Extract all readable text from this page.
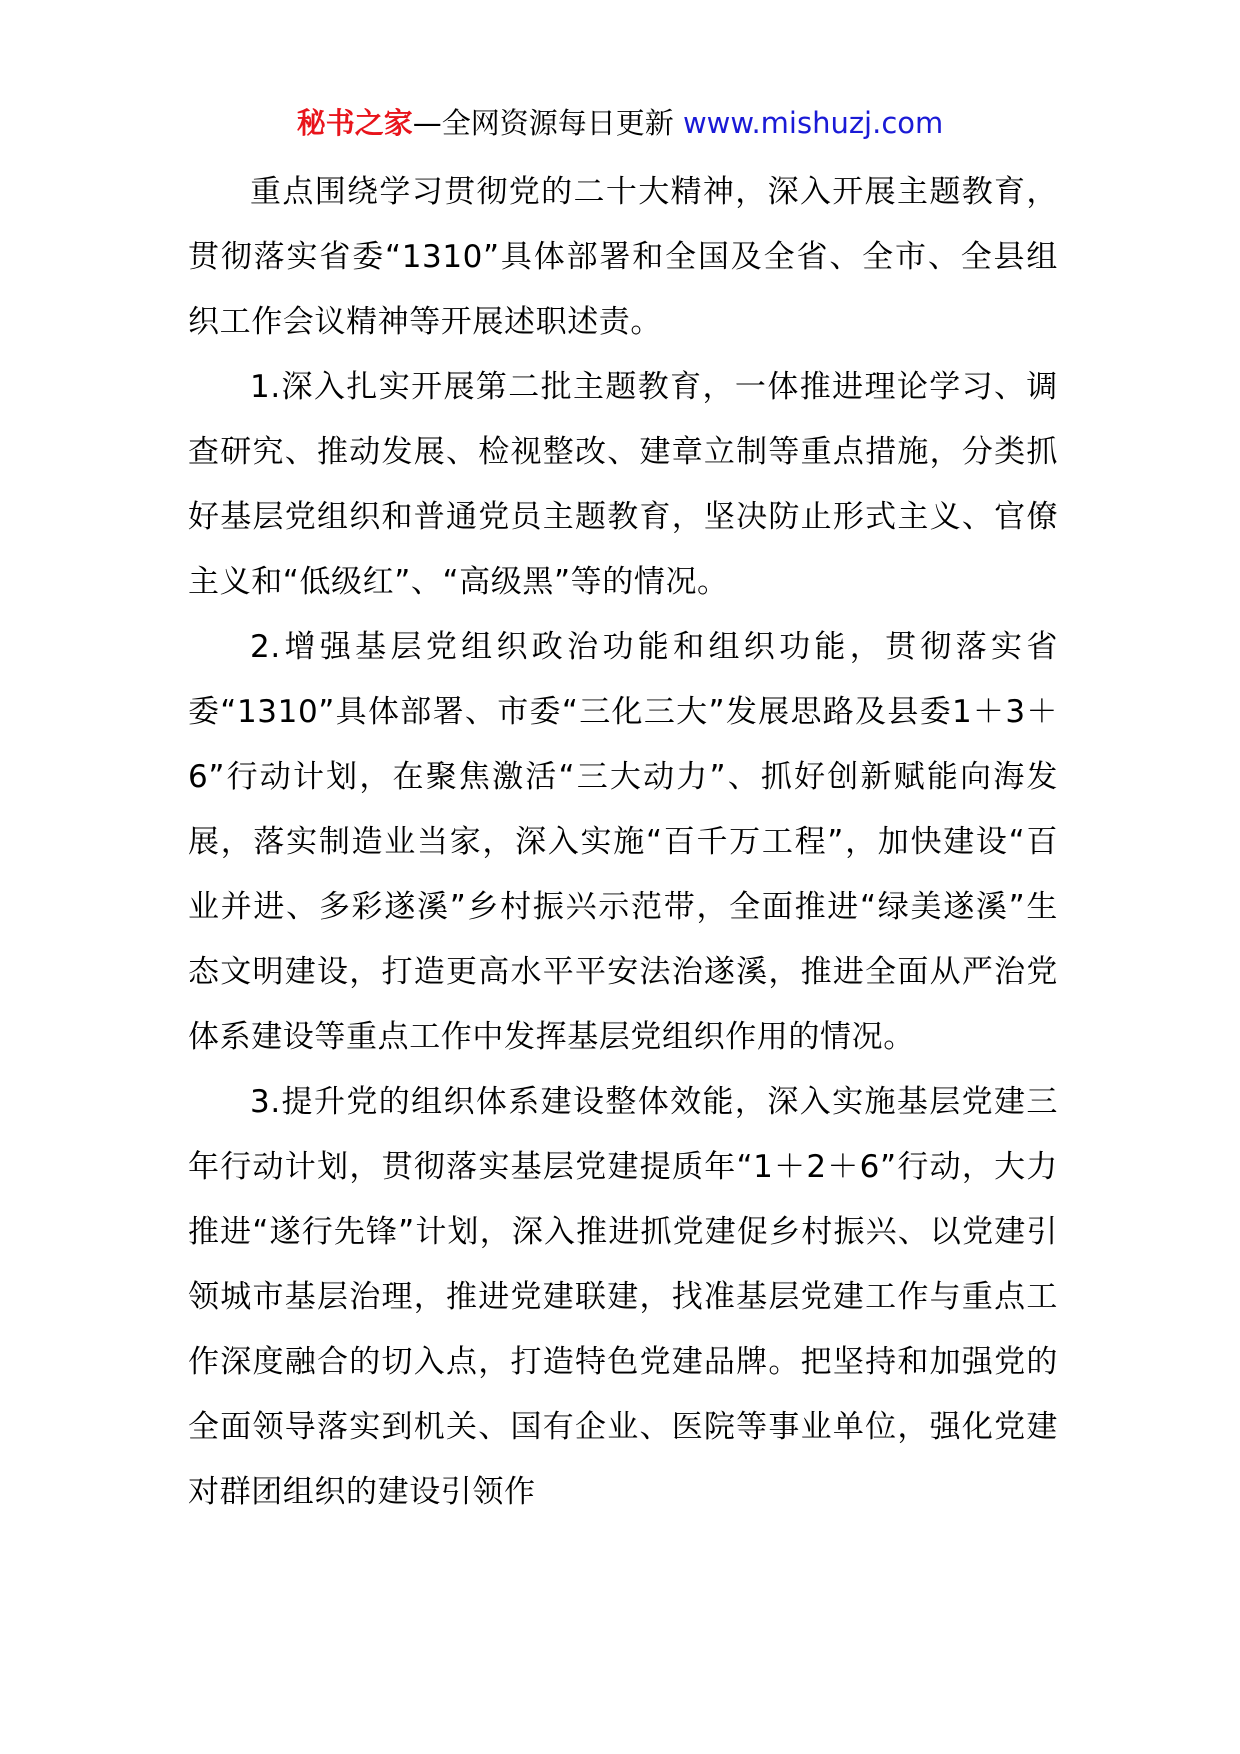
秘书之家—全网资源每日更新 www.mishuzj.com

重点围绕学习贯彻党的二十大精神，深入开展主题教育，贯彻落实省委“1310”具体部署和全国及全省、全市、全县组织工作会议精神等开展述职述责。

1.深入扎实开展第二批主题教育，一体推进理论学习、调查研究、推动发展、检视整改、建章立制等重点措施，分类抓好基层党组织和普通党员主题教育，坚决防止形式主义、官僚主义和“低级红”、“高级黑”等的情况。

2.增强基层党组织政治功能和组织功能，贯彻落实省委“1310”具体部署、市委“三化三大”发展思路及县委1＋3＋6”行动计划，在聚焦激活“三大动力”、抓好创新赋能向海发展，落实制造业当家，深入实施“百千万工程”，加快建设“百业并进、多彩遂溪”乡村振兴示范带，全面推进“绿美遂溪”生态文明建设，打造更高水平平安法治遂溪，推进全面从严治党体系建设等重点工作中发挥基层党组织作用的情况。

3.提升党的组织体系建设整体效能，深入实施基层党建三年行动计划，贯彻落实基层党建提质年“1＋2＋6”行动，大力推进“遂行先锋”计划，深入推进抓党建促乡村振兴、以党建引领城市基层治理，推进党建联建，找准基层党建工作与重点工作深度融合的切入点，打造特色党建品牌。把坚持和加强党的全面领导落实到机关、国有企业、医院等事业单位，强化党建对群团组织的建设引领作
